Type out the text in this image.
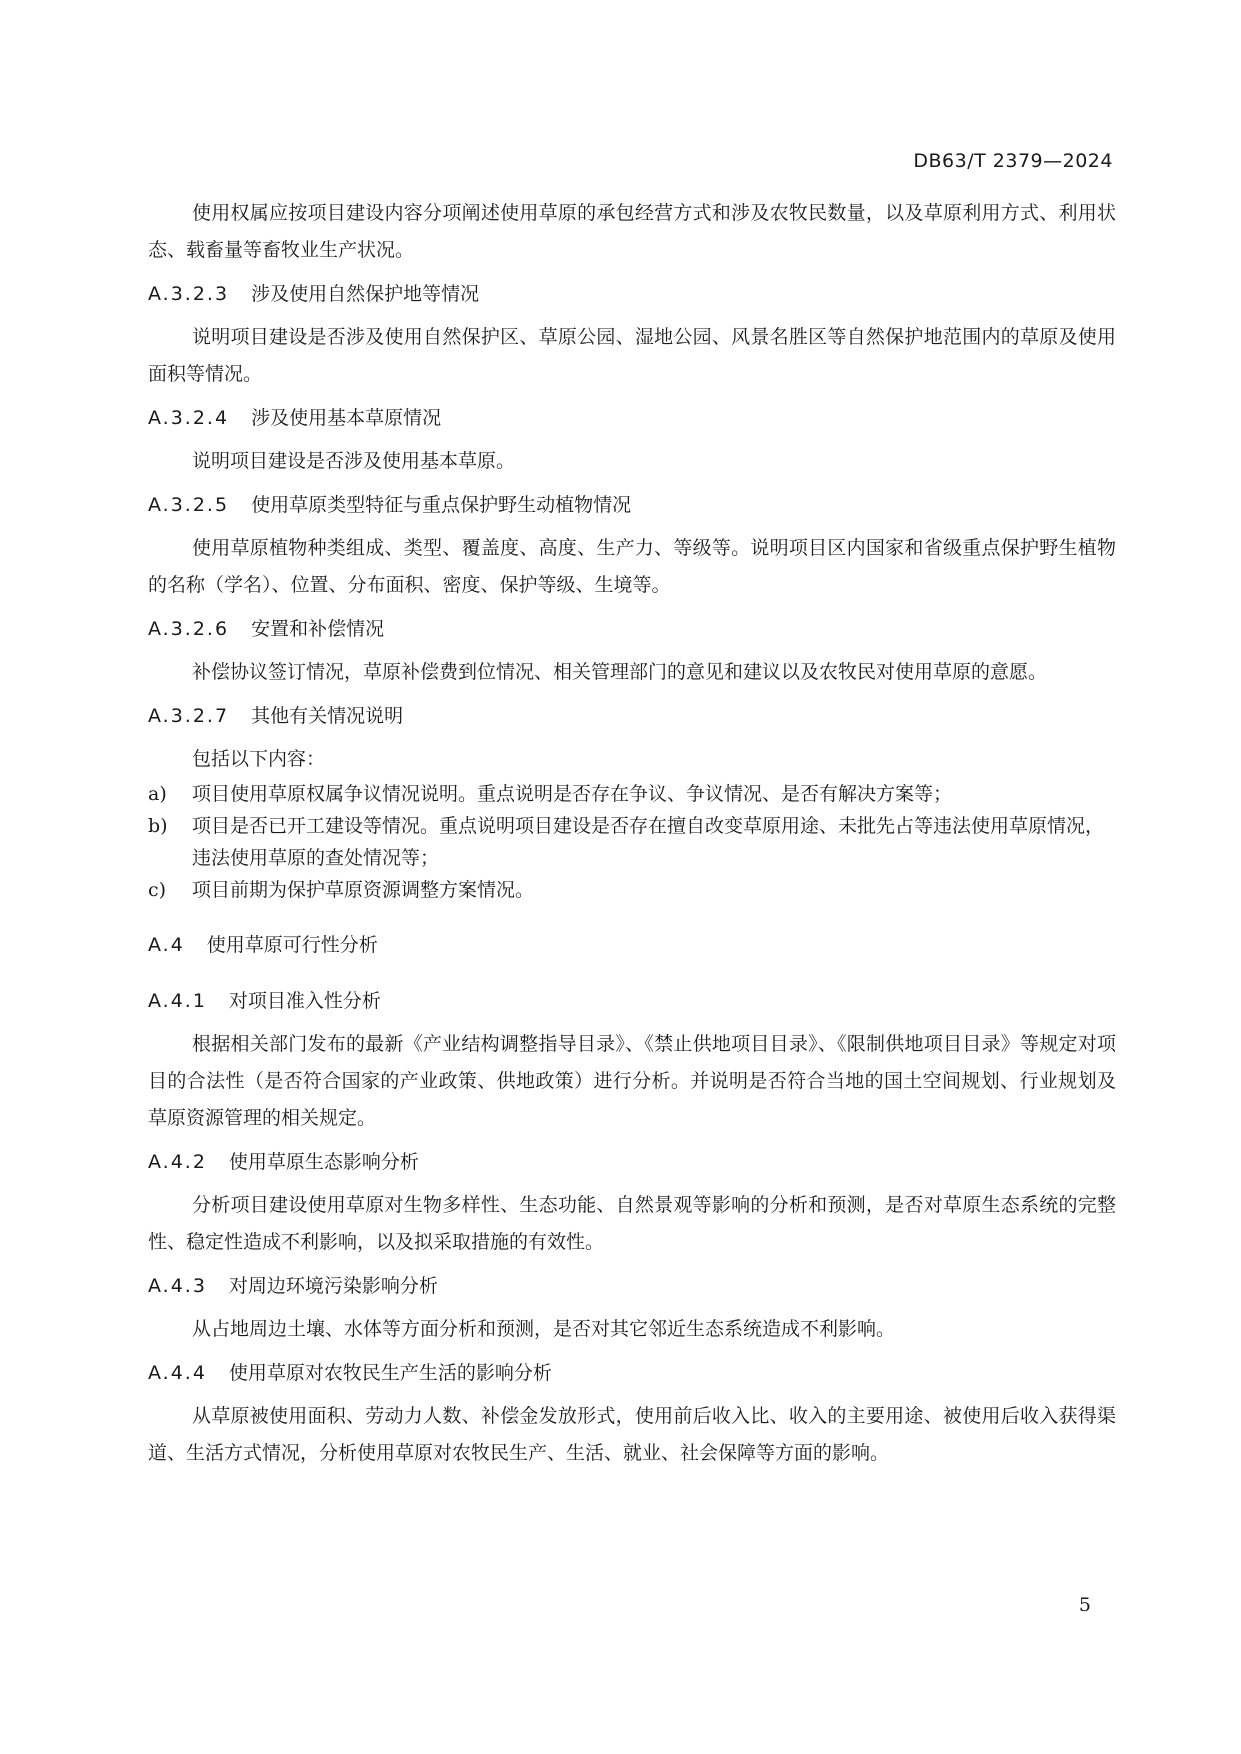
DB63/T 2379—2024

使用权属应按项目建设内容分项阐述使用草原的承包经营方式和涉及农牧民数量，以及草原利用方式、利用状态、载畜量等畜牧业生产状况。

A.3.2.3 涉及使用自然保护地等情况

说明项目建设是否涉及使用自然保护区、草原公园、湿地公园、风景名胜区等自然保护地范围内的草原及使用面积等情况。

A.3.2.4 涉及使用基本草原情况

说明项目建设是否涉及使用基本草原。

A.3.2.5 使用草原类型特征与重点保护野生动植物情况

使用草原植物种类组成、类型、覆盖度、高度、生产力、等级等。说明项目区内国家和省级重点保护野生植物的名称（学名）、位置、分布面积、密度、保护等级、生境等。

A.3.2.6 安置和补偿情况

补偿协议签订情况，草原补偿费到位情况、相关管理部门的意见和建议以及农牧民对使用草原的意愿。

A.3.2.7 其他有关情况说明

包括以下内容：

a)	项目使用草原权属争议情况说明。重点说明是否存在争议、争议情况、是否有解决方案等；
b)	项目是否已开工建设等情况。重点说明项目建设是否存在擅自改变草原用途、未批先占等违法使用草原情况，违法使用草原的查处情况等；
c)	项目前期为保护草原资源调整方案情况。
A.4 使用草原可行性分析
A.4.1 对项目准入性分析

根据相关部门发布的最新《产业结构调整指导目录》、《禁止供地项目目录》、《限制供地项目目录》等规定对项目的合法性（是否符合国家的产业政策、供地政策）进行分析。并说明是否符合当地的国土空间规划、行业规划及草原资源管理的相关规定。

A.4.2 使用草原生态影响分析

分析项目建设使用草原对生物多样性、生态功能、自然景观等影响的分析和预测，是否对草原生态系统的完整性、稳定性造成不利影响，以及拟采取措施的有效性。

A.4.3 对周边环境污染影响分析

从占地周边土壤、水体等方面分析和预测，是否对其它邻近生态系统造成不利影响。

A.4.4 使用草原对农牧民生产生活的影响分析

从草原被使用面积、劳动力人数、补偿金发放形式，使用前后收入比、收入的主要用途、被使用后收入获得渠道、生活方式情况，分析使用草原对农牧民生产、生活、就业、社会保障等方面的影响。

5
